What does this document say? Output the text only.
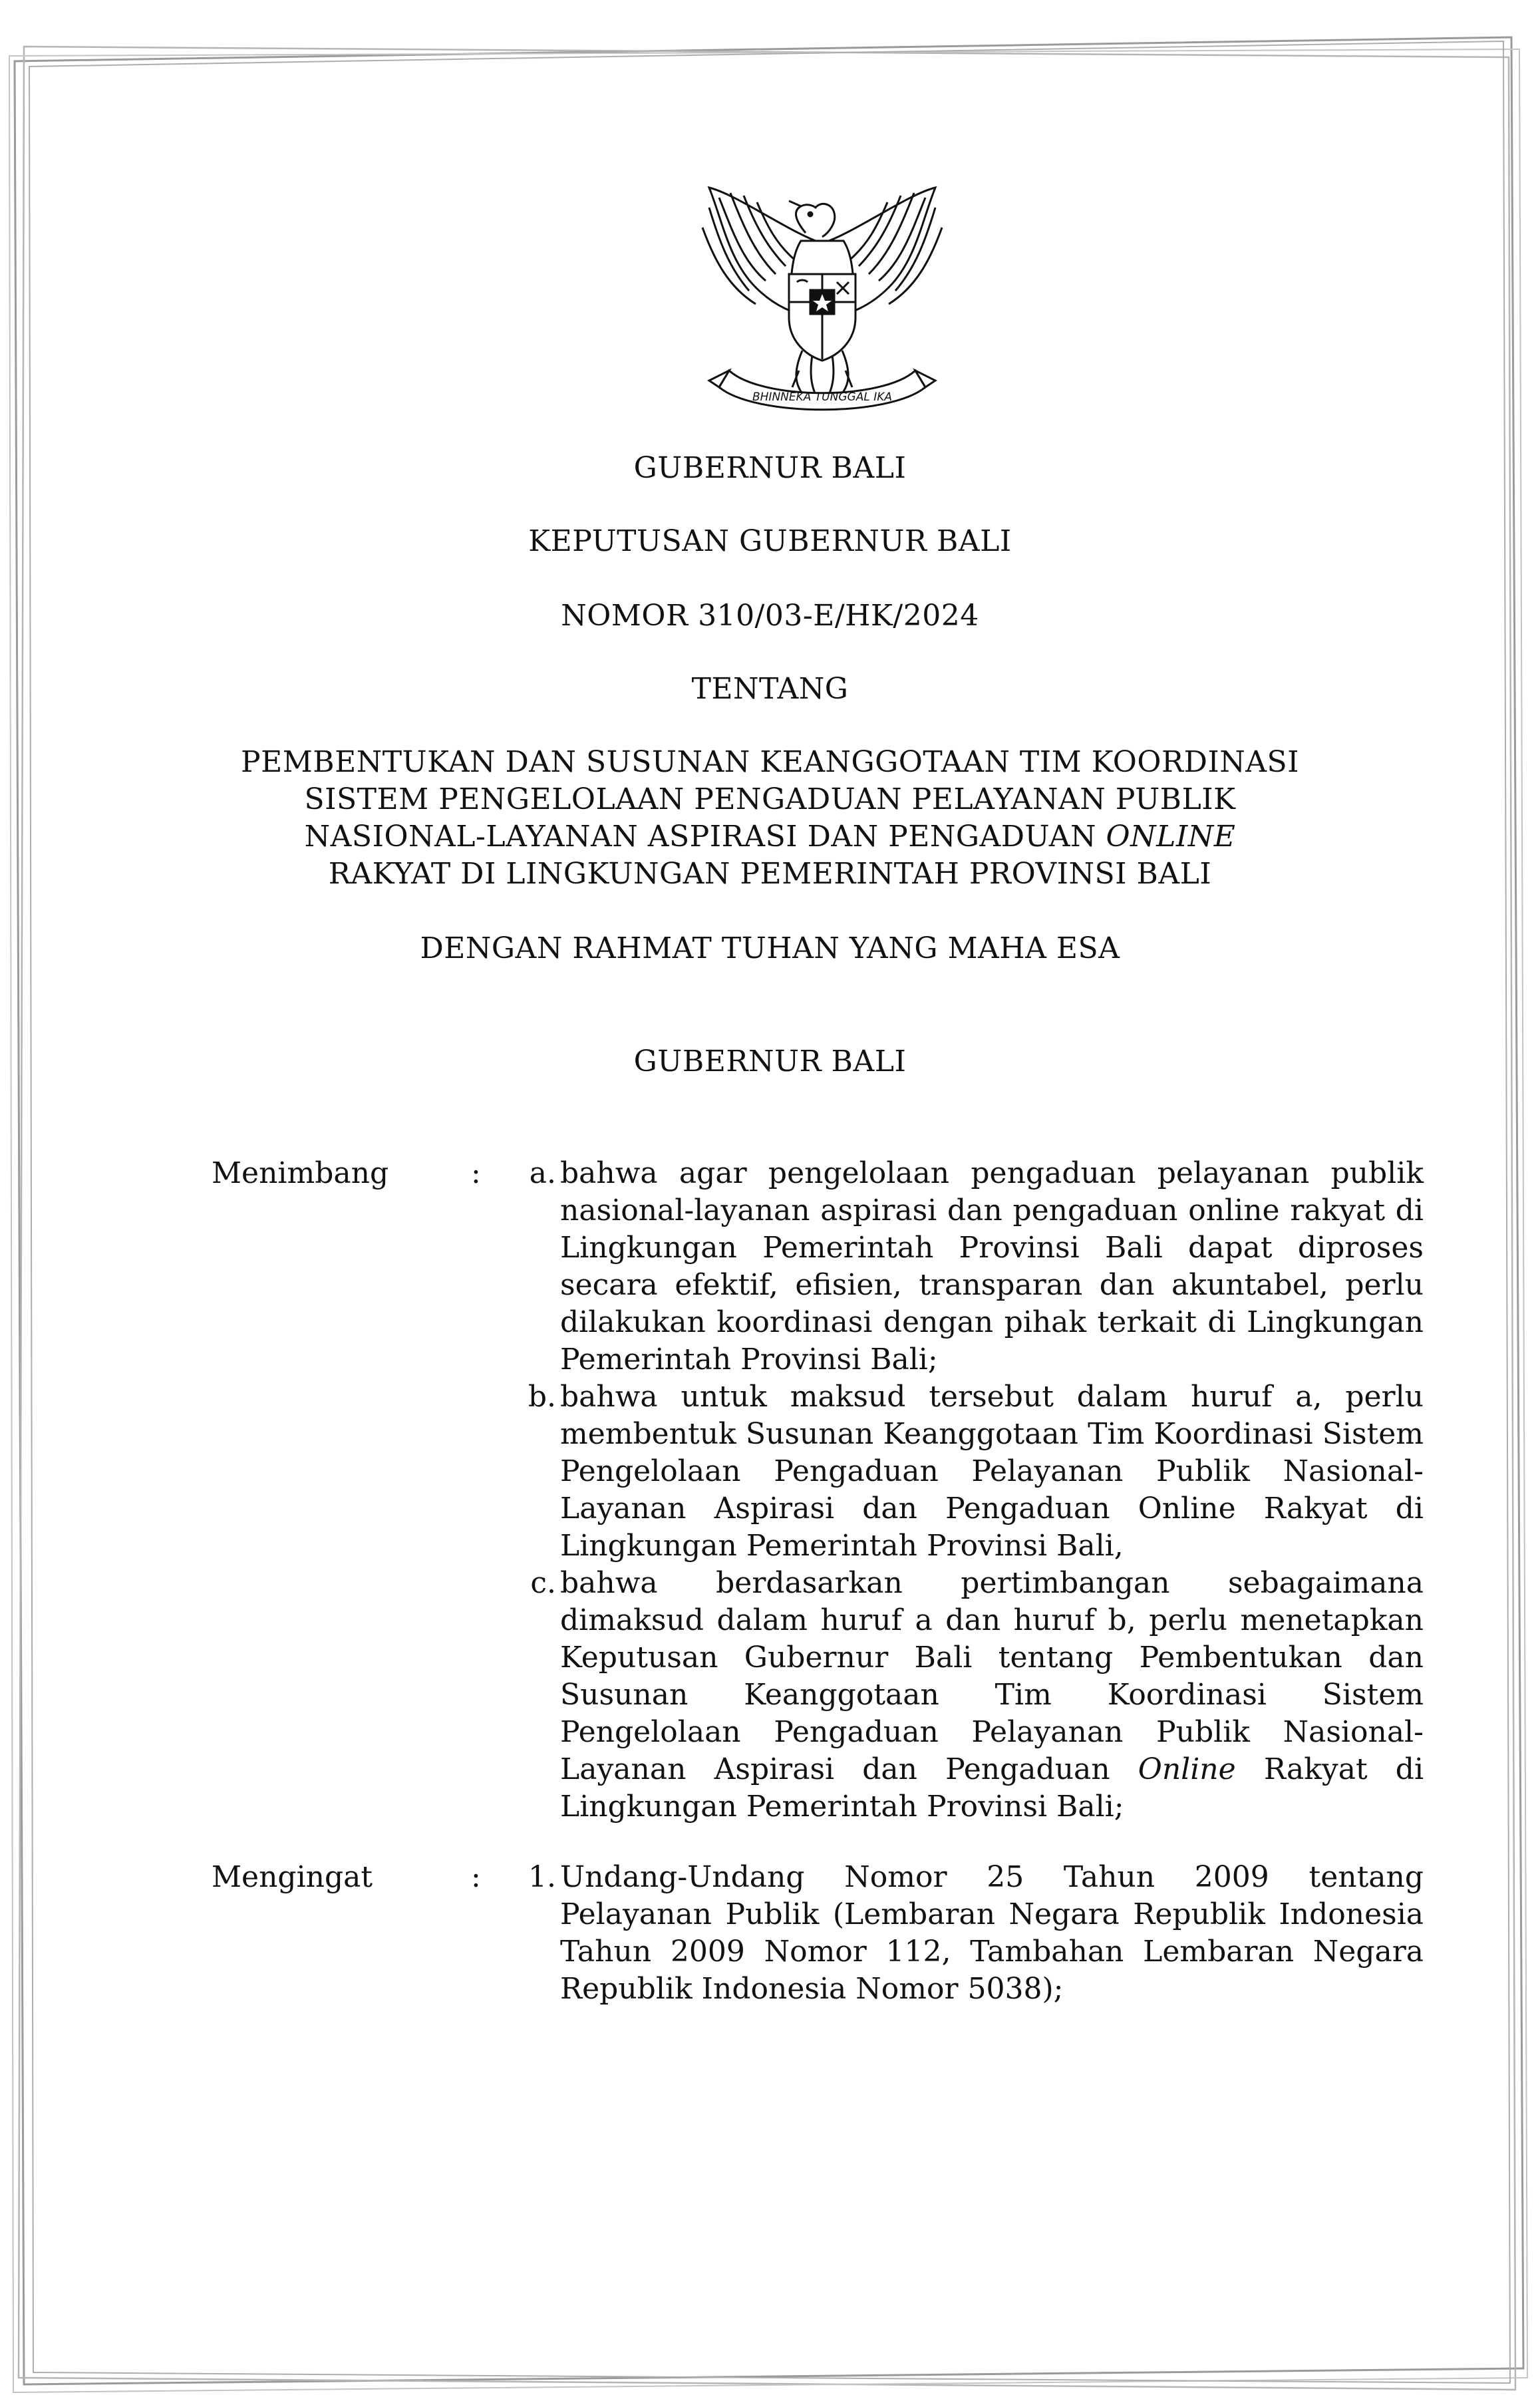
BHINNEKA TUNGGAL IKA
GUBERNUR BALI
KEPUTUSAN GUBERNUR BALI
NOMOR 310/03-E/HK/2024
TENTANG
PEMBENTUKAN DAN SUSUNAN KEANGGOTAAN TIM KOORDINASI
SISTEM PENGELOLAAN PENGADUAN PELAYANAN PUBLIK
NASIONAL-LAYANAN ASPIRASI DAN PENGADUAN ONLINE
RAKYAT DI LINGKUNGAN PEMERINTAH PROVINSI BALI
DENGAN RAHMAT TUHAN YANG MAHA ESA
GUBERNUR BALI
Menimbang	:	a. bahwa agar pengelolaan pengaduan pelayanan publik nasional-layanan aspirasi dan pengaduan online rakyat di Lingkungan Pemerintah Provinsi Bali dapat diproses secara efektif, efisien, transparan dan akuntabel, perlu dilakukan koordinasi dengan pihak terkait di Lingkungan Pemerintah Provinsi Bali;
b. bahwa untuk maksud tersebut dalam huruf a, perlu membentuk Susunan Keanggotaan Tim Koordinasi Sistem Pengelolaan Pengaduan Pelayanan Publik Nasional-Layanan Aspirasi dan Pengaduan Online Rakyat di Lingkungan Pemerintah Provinsi Bali,
c. bahwa berdasarkan pertimbangan sebagaimana dimaksud dalam huruf a dan huruf b, perlu menetapkan Keputusan Gubernur Bali tentang Pembentukan dan Susunan Keanggotaan Tim Koordinasi Sistem Pengelolaan Pengaduan Pelayanan Publik Nasional-Layanan Aspirasi dan Pengaduan Online Rakyat di Lingkungan Pemerintah Provinsi Bali;
Mengingat	:	1. Undang-Undang Nomor 25 Tahun 2009 tentang Pelayanan Publik (Lembaran Negara Republik Indonesia Tahun 2009 Nomor 112, Tambahan Lembaran Negara Republik Indonesia Nomor 5038);
